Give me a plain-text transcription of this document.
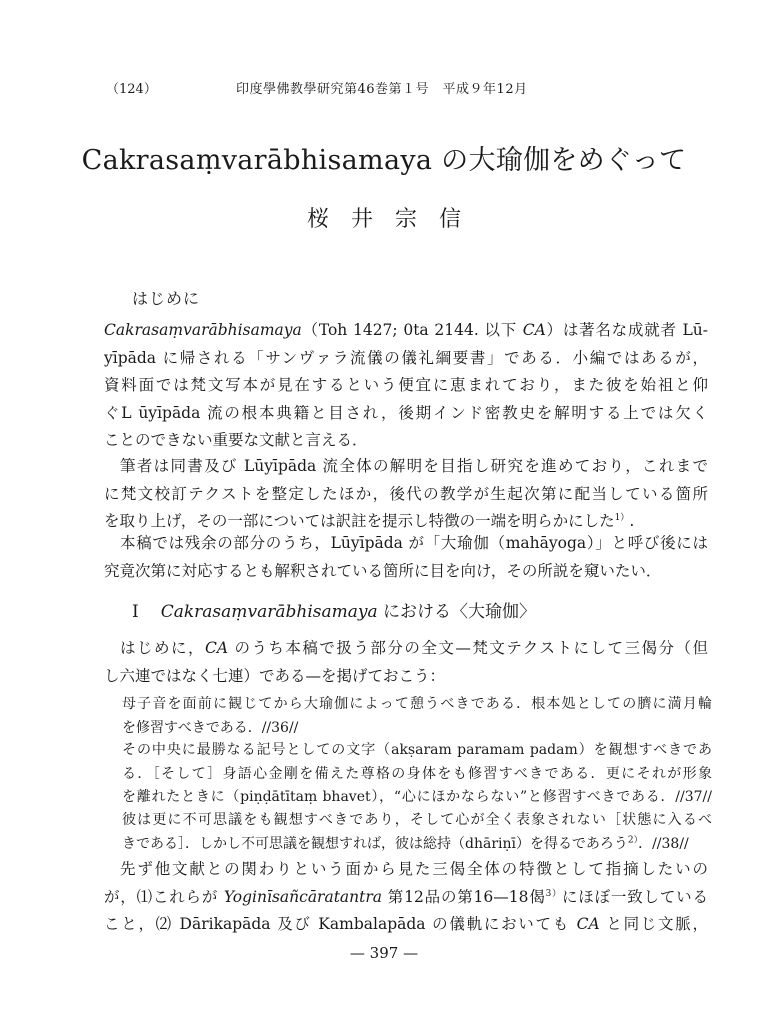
（124）	印度學佛教學研究第46巻第１号　平成９年12月
Cakrasaṃvarābhisamaya の大瑜伽をめぐって
桜井宗信
はじめに
Cakrasaṃvarābhisamaya（Toh 1427; 0ta 2144. 以下 CA）は著名な成就者 Lū-
yīpāda に帰される「サンヴァラ流儀の儀礼綱要書」である．小編ではあるが，
資料面では梵文写本が見在するという便宜に恵まれており，また彼を始祖と仰
ぐL ūyīpāda 流の根本典籍と目され，後期インド密教史を解明する上では欠く
ことのできない重要な文献と言える．
筆者は同書及び Lūyīpāda 流全体の解明を目指し研究を進めており，これまで
に梵文校訂テクストを整定したほか，後代の教学が生起次第に配当している箇所
を取り上げ，その一部については訳註を提示し特徴の一端を明らかにした$^{1)}$.
本稿では残余の部分のうち，Lūyīpāda が「大瑜伽（mahāyoga）」と呼び後には
究竟次第に対応するとも解釈されている箇所に目を向け，その所説を窺いたい．
I Cakrasaṃvarābhisamaya における〈大瑜伽〉
はじめに，CA のうち本稿で扱う部分の全文—梵文テクストにして三偈分（但
し六連ではなく七連）である—を掲げておこう：
母子音を面前に観じてから大瑜伽によって憩うべきである．根本処としての臍に満月輪
を修習すべきである．//36//
その中央に最勝なる記号としての文字（akṣaram paramam padam）を観想すべきであ
る．［そして］身語心金剛を備えた尊格の身体をも修習すべきである．更にそれが形象
を離れたときに（piṇḍātītaṃ bhavet），“心にほかならない”と修習すべきである．//37//
彼は更に不可思議をも観想すべきであり，そして心が全く表象されない［状態に入るべ
きである］．しかし不可思議を観想すれば，彼は総持（dhāriṇī）を得るであろう$^{2)}$．//38//
先ず他文献との関わりという面から見た三偈全体の特徴として指摘したいの
が，⑴これらが Yoginīsañcāratantra 第12品の第16—18偈$^{3)}$にほぼ一致している
こと，⑵ Dārikapāda 及び Kambalapāda の儀軌においても CA と同じ文脈，
— 397 —
